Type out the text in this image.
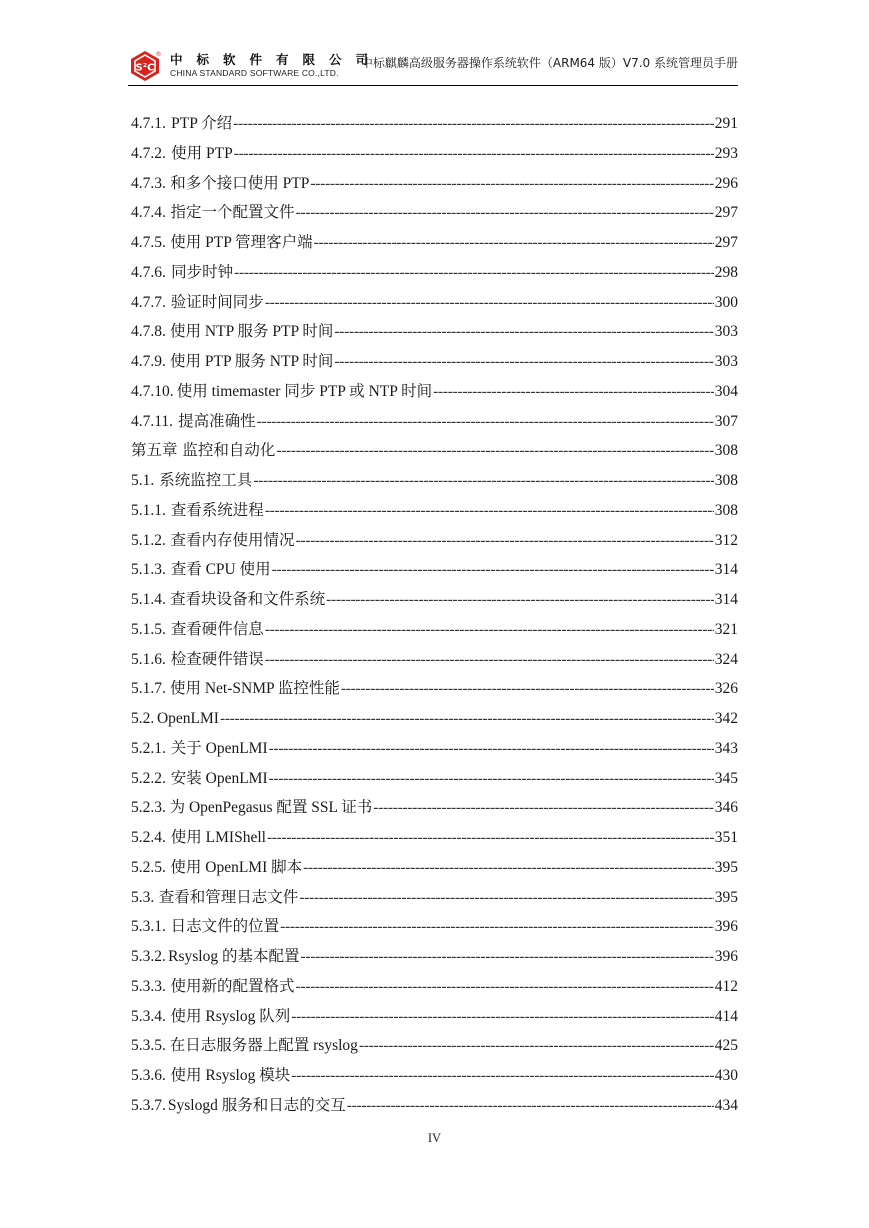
S²C
® 中标软件有限公司
CHINA STANDARD SOFTWARE CO.,LTD.
中标麒麟高级服务器操作系统软件（ARM64 版）V7.0 系统管理员手册
4.7.1. PTP 介绍 -----	291
4.7.2. 使用 PTP -----	293
4.7.3. 和多个接口使用 PTP -----	296
4.7.4. 指定一个配置文件 -----	297
4.7.5. 使用 PTP 管理客户端 -----	297
4.7.6. 同步时钟 -----	298
4.7.7. 验证时间同步 -----	300
4.7.8. 使用 NTP 服务 PTP 时间 -----	303
4.7.9. 使用 PTP 服务 NTP 时间 -----	303
4.7.10. 使用 timemaster 同步 PTP 或 NTP 时间 -----	304
4.7.11. 提高准确性 -----	307
第五章 监控和自动化 -----	308
5.1. 系统监控工具 -----	308
5.1.1. 查看系统进程 -----	308
5.1.2. 查看内存使用情况 -----	312
5.1.3. 查看 CPU 使用 -----	314
5.1.4. 查看块设备和文件系统 -----	314
5.1.5. 查看硬件信息 -----	321
5.1.6. 检查硬件错误 -----	324
5.1.7. 使用 Net-SNMP 监控性能 -----	326
5.2. OpenLMI -----	342
5.2.1. 关于 OpenLMI -----	343
5.2.2. 安装 OpenLMI -----	345
5.2.3. 为 OpenPegasus 配置 SSL 证书 -----	346
5.2.4. 使用 LMIShell -----	351
5.2.5. 使用 OpenLMI 脚本 -----	395
5.3. 查看和管理日志文件 -----	395
5.3.1. 日志文件的位置 -----	396
5.3.2. Rsyslog 的基本配置 -----	396
5.3.3. 使用新的配置格式 -----	412
5.3.4. 使用 Rsyslog 队列 -----	414
5.3.5. 在日志服务器上配置 rsyslog -----	425
5.3.6. 使用 Rsyslog 模块 -----	430
5.3.7. Syslogd 服务和日志的交互 -----	434
IV
